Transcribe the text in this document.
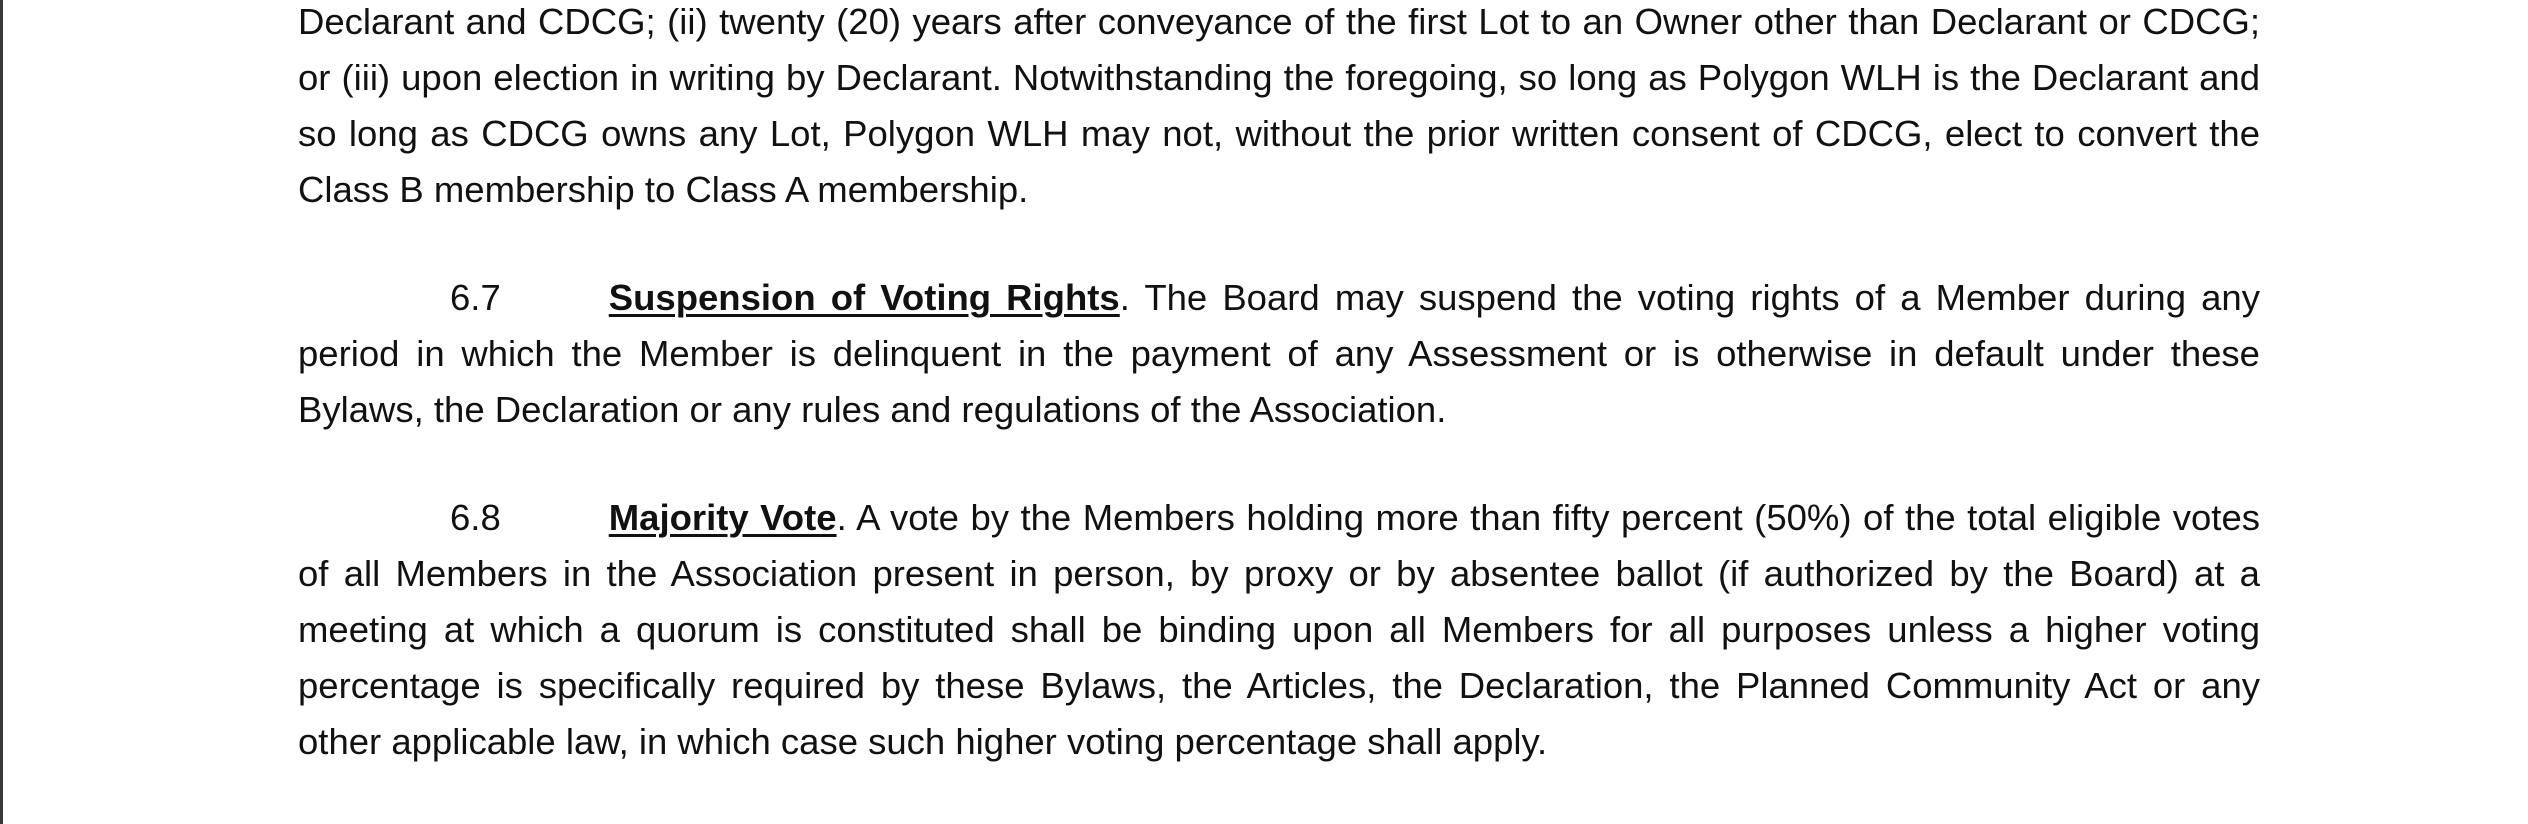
Declarant and CDCG; (ii) twenty (20) years after conveyance of the first Lot to an Owner other than Declarant or CDCG; or (iii) upon election in writing by Declarant. Notwithstanding the foregoing, so long as Polygon WLH is the Declarant and so long as CDCG owns any Lot, Polygon WLH may not, without the prior written consent of CDCG, elect to convert the Class B membership to Class A membership.

6.7	Suspension of Voting Rights. The Board may suspend the voting rights of a Member during any period in which the Member is delinquent in the payment of any Assessment or is otherwise in default under these Bylaws, the Declaration or any rules and regulations of the Association.

6.8	Majority Vote. A vote by the Members holding more than fifty percent (50%) of the total eligible votes of all Members in the Association present in person, by proxy or by absentee ballot (if authorized by the Board) at a meeting at which a quorum is constituted shall be binding upon all Members for all purposes unless a higher voting percentage is specifically required by these Bylaws, the Articles, the Declaration, the Planned Community Act or any other applicable law, in which case such higher voting percentage shall apply.
